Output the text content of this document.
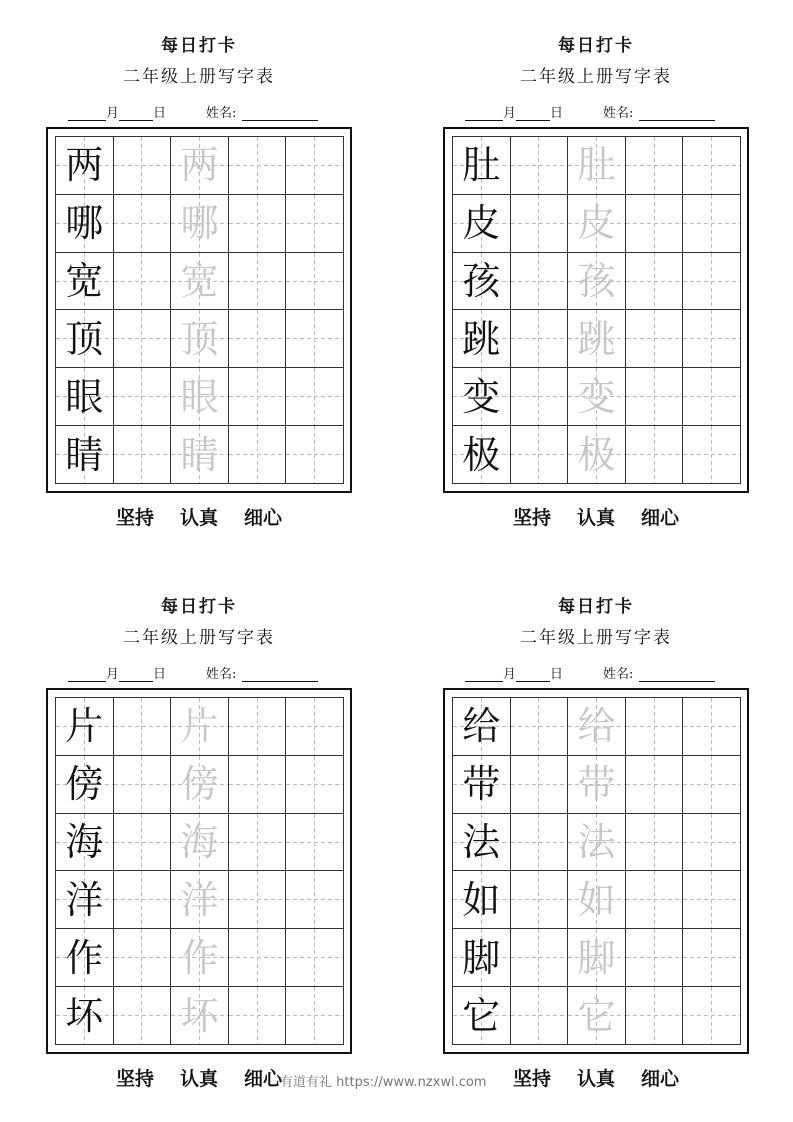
每日打卡
二年级上册写字表
月	日	姓名:
两 两
哪 哪
宽 宽
顶 顶
眼 眼
睛 睛
坚持 认真 细心
每日打卡
二年级上册写字表
月	日	姓名:
肚 肚
皮 皮
孩 孩
跳 跳
变 变
极 极
坚持 认真 细心
每日打卡
二年级上册写字表
月	日	姓名:
片 片
傍 傍
海 海
洋 洋
作 作
坏 坏
坚持 认真 细心
每日打卡
二年级上册写字表
月	日	姓名:
给 给
带 带
法 法
如 如
脚 脚
它 它
坚持 认真 细心
有道有礼 https://www.nzxwl.com
